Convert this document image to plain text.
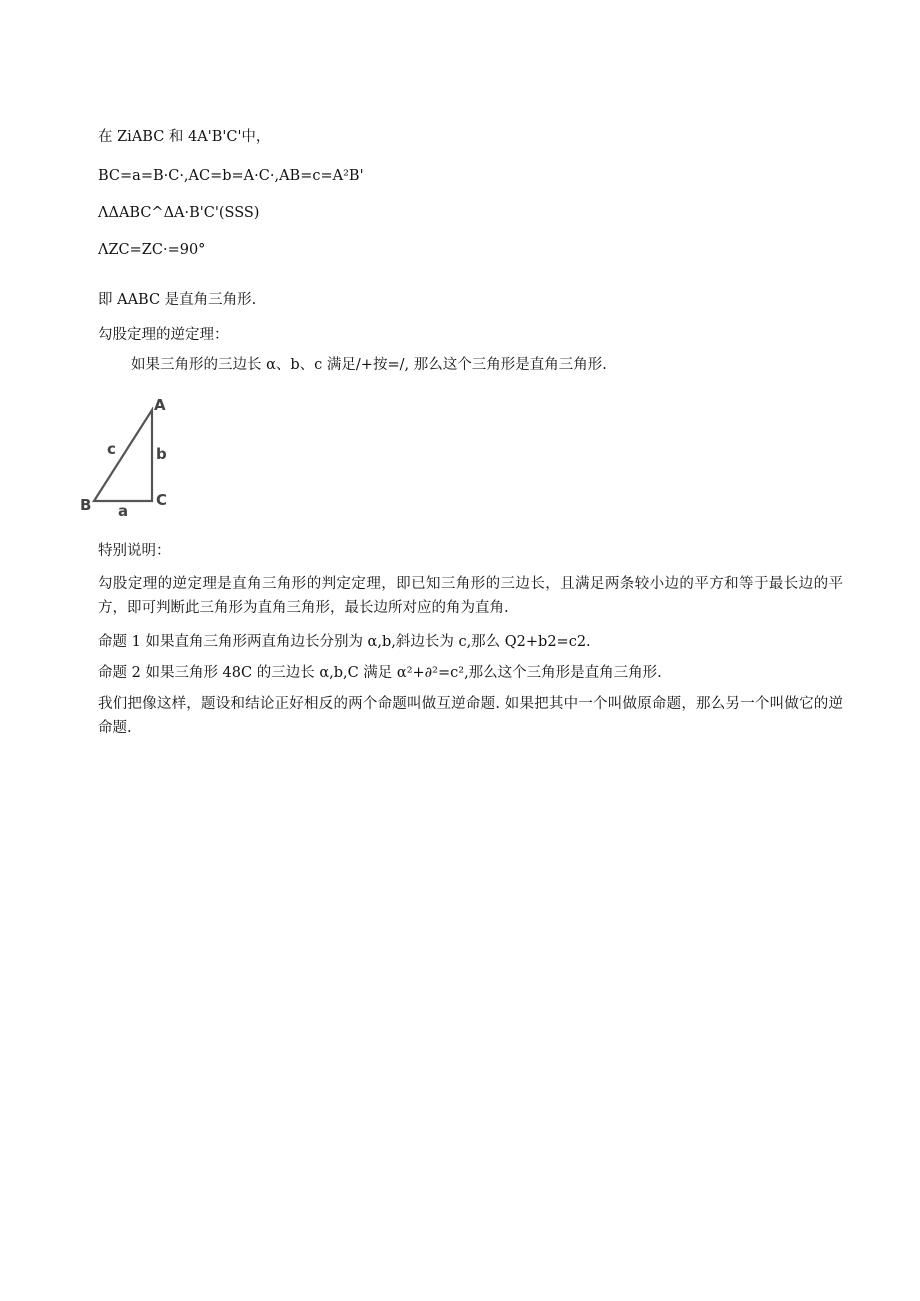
在 ZiABC 和 4A'B'C'中，
BC=a=B·C·,AC=b=A·C·,AB=c=A²B'
ΛΔABC^ΔA·B'C'(SSS)
ΛZC=ZC·=90°
即 AABC 是直角三角形.
勾股定理的逆定理：
如果三角形的三边长 α、b、c 满足/+按=/, 那么这个三角形是直角三角形.
A
B	C
a
b
c
特别说明：
勾股定理的逆定理是直角三角形的判定定理，即已知三角形的三边长，且满足两条较小边的平方和等于最长边的平方，即可判断此三角形为直角三角形，最长边所对应的角为直角.
命题 1 如果直角三角形两直角边长分别为 α,b,斜边长为 c,那么 Q2+b2=c2.
命题 2 如果三角形 48C 的三边长 α,b,C 满足 α²+∂²=c²,那么这个三角形是直角三角形.
我们把像这样，题设和结论正好相反的两个命题叫做互逆命题. 如果把其中一个叫做原命题，那么另一个叫做它的逆命题.
